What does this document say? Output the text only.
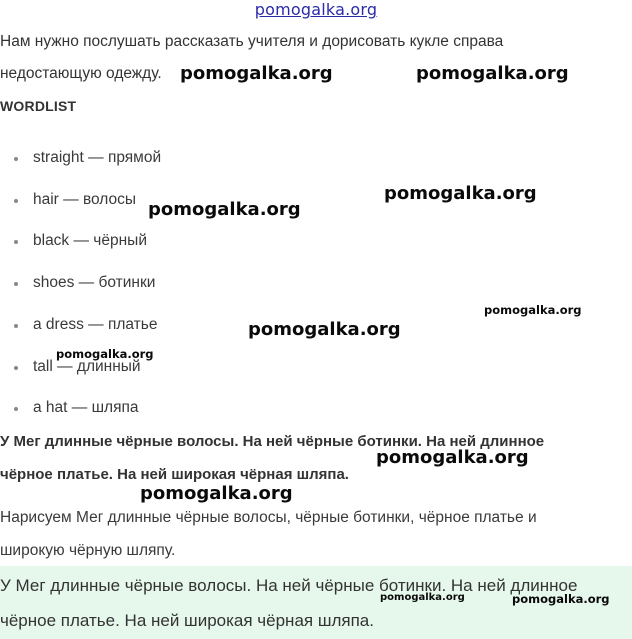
pomogalka.org
Нам нужно послушать рассказать учителя и дорисовать кукле справа
недостающую одежду.
WORDLIST
straight — прямой
hair — волосы
black — чёрный
shoes — ботинки
a dress — платье
tall — длинный
a hat — шляпа
У Мег длинные чёрные волосы. На ней чёрные ботинки. На ней длинное
чёрное платье. На ней широкая чёрная шляпа.
Нарисуем Мег длинные чёрные волосы, чёрные ботинки, чёрное платье и
широкую чёрную шляпу.
У Мег длинные чёрные волосы. На ней чёрные ботинки. На ней длинное
чёрное платье. На ней широкая чёрная шляпа.
pomogalka.org	pomogalka.org
pomogalka.org
pomogalka.org
pomogalka.org
pomogalka.org
pomogalka.org
pomogalka.org
pomogalka.org
pomogalka.org	pomogalka.org
